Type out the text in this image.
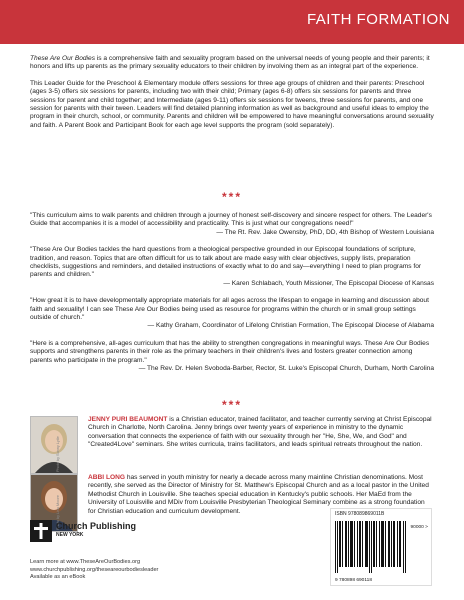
FAITH FORMATION

These Are Our Bodies is a comprehensive faith and sexuality program based on the universal needs of young people and their parents; it honors and lifts up parents as the primary sexuality educators to their children by involving them as an integral part of the experience.

This Leader Guide for the Preschool & Elementary module offers sessions for three age groups of children and their parents: Preschool (ages 3-5) offers six sessions for parents, including two with their child; Primary (ages 6-8) offers six sessions for parents and three sessions for parent and child together; and Intermediate (ages 9-11) offers six sessions for tweens, three sessions for parents, and one session for parents with their tween. Leaders will find detailed planning information as well as background and useful ideas to employ the program in their church, school, or community. Parents and children will be empowered to have meaningful conversations around sexuality and faith. A Parent Book and Participant Book for each age level supports the program (sold separately).

***
"This curriculum aims to walk parents and children through a journey of honest self-discovery and sincere respect for others. The Leader's Guide that accompanies it is a model of accessibility and practicality. This is just what our congregations need!"
— The Rt. Rev. Jake Owensby, PhD, DD, 4th Bishop of Western Louisiana
"These Are Our Bodies tackles the hard questions from a theological perspective grounded in our Episcopal foundations of scripture, tradition, and reason. Topics that are often difficult for us to talk about are made easy with clear objectives, supply lists, preparation checklists, suggestions and reminders, and detailed instructions of exactly what to do and say—everything I need to plan programs for parents and children."
— Karen Schlabach, Youth Missioner, The Episcopal Diocese of Kansas
"How great it is to have developmentally appropriate materials for all ages across the lifespan to engage in learning and discussion about faith and sexuality! I can see These Are Our Bodies being used as resource for programs within the church or in small group settings outside of church."
— Kathy Graham, Coordinator of Lifelong Christian Formation, The Episcopal Diocese of Alabama
"Here is a comprehensive, all-ages curriculum that has the ability to strengthen congregations in meaningful ways. These Are Our Bodies supports and strengthens parents in their role as the primary teachers in their children's lives and fosters greater connection among parents who participate in the program."
— The Rev. Dr. Helen Svoboda-Barber, Rector, St. Luke's Episcopal Church, Durham, North Carolina
***
Photo by Sonny Lytle
JENNY PURI BEAUMONT is a Christian educator, trained facilitator, and teacher currently serving at Christ Episcopal Church in Charlotte, North Carolina. Jenny brings over twenty years of experience in ministry to the dynamic conversation that connects the experience of faith with our sexuality through her "He, She, We, and God" and "Created4Love" seminars. She writes curricula, trains facilitators, and leads spiritual retreats throughout the nation.
Photo by Lisa Moore
ABBI LONG has served in youth ministry for nearly a decade across many mainline Christian denominations. Most recently, she served as the Director of Ministry for St. Matthew's Episcopal Church and as a local pastor in the United Methodist Church in Louisville. She teaches special education in Kentucky's public schools. Her MaEd from the University of Louisville and MDiv from Louisville Presbyterian Theological Seminary combine as a strong foundation for Christian education and curriculum development.
Church Publishing
NEW YORK
Learn more at www.TheseAreOurBodies.org
www.churchpublishing.org/theseareourbodiesleader
Available as an eBook
ISBN 978089869011B
90000 >
9 780898 690118
